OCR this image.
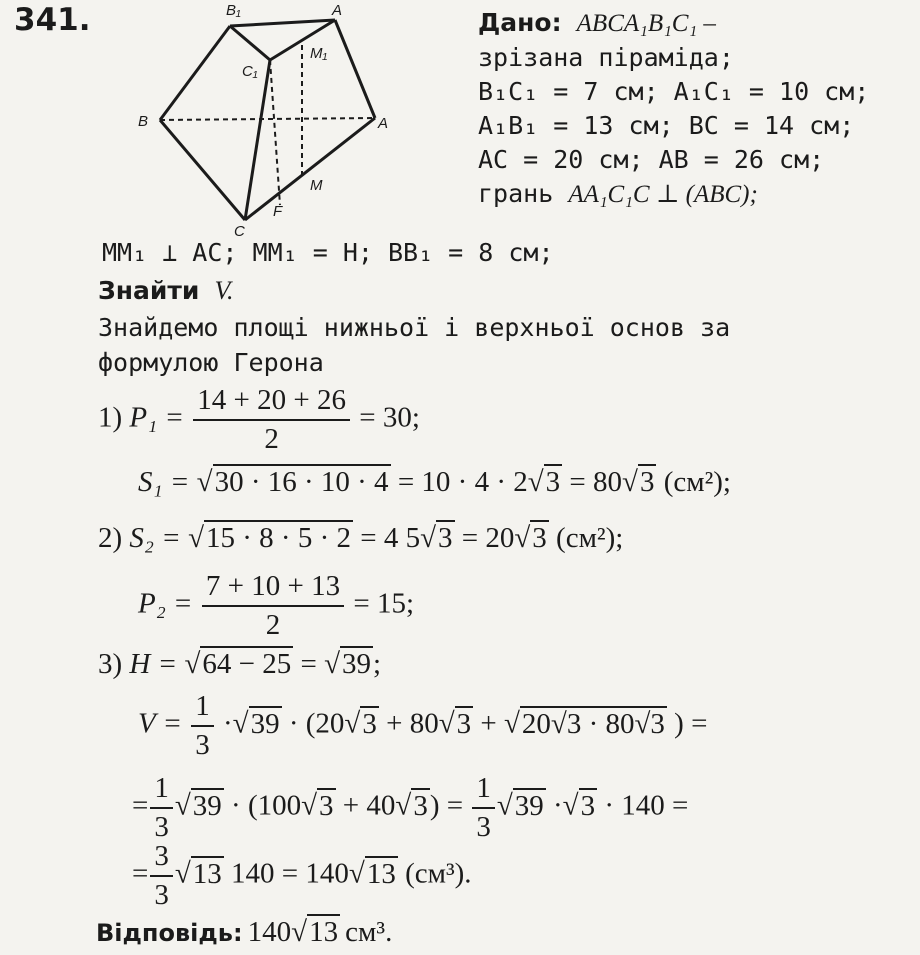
341.	B₁	A
M₁
C₁
B	A
M
C
F
Дано: ABCA₁B₁C₁ –
зрізана піраміда;
B₁C₁ = 7 см; A₁C₁ = 10 см;
A₁B₁ = 13 см; BC = 14 см;
AC = 20 см; AB = 26 см;
грань AA₁C₁C ⊥ (ABC);
MM₁ ⊥ AC; MM₁ = H; BB₁ = 8 см;
Знайти V.
Знайдемо площі нижньої і верхньої основ за
формулою Герона
1) $P_1 = \frac{14 + 20 + 26}{2} = 30$;
S₁ = √30 · 16 · 10 · 4 = 10 · 4 · 2√3 = 80√3 (см²);
2) S₂ = √15 · 8 · 5 · 2 = 4 5√3 = 20√3 (см²);
$P_2 = \frac{7 + 10 + 13}{2} = 15$;
3) H = √64 − 25 = √39;
$V = \frac{1}{3} \cdot√39 \cdot (20√3 + 80√3 + √20√3 \cdot 80√3$ ) =
= $\frac{1}{3} √39 \cdot (100√3 + 40√3) = \frac{1}{3} √39 \cdot√3 \cdot 140$ =
= $\frac{3}{3} √13$ 140 = 140√13 (см³).
Відповідь: 140√13 см³.
